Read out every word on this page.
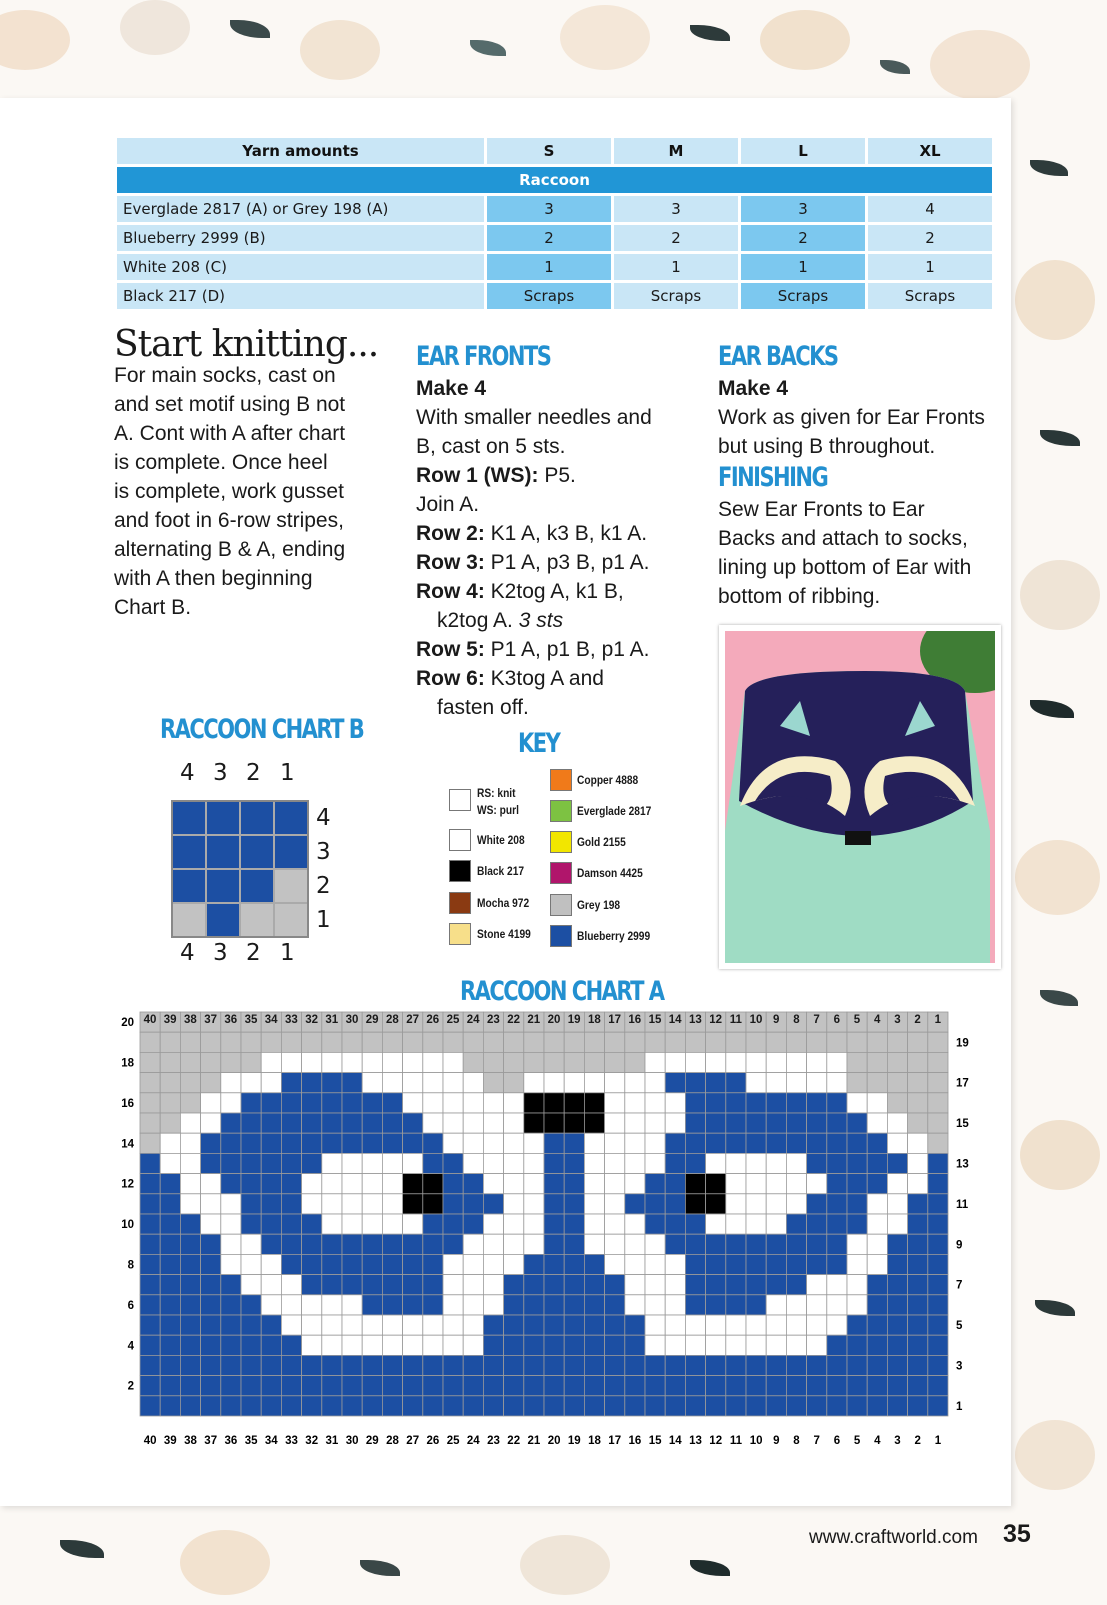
Yarn amounts	S	M	L	XL
Raccoon				
Everglade 2817 (A) or Grey 198 (A)	3	3	3	4
Blueberry 2999 (B)	2	2	2	2
White 208 (C)	1	1	1	1
Black 217 (D)	Scraps	Scraps	Scraps	Scraps
Start knitting...

For main socks, cast on

and set motif using B not

A. Cont with A after chart

is complete. Once heel

is complete, work gusset

and foot in 6-row stripes,

alternating B & A, ending

with A then beginning

Chart B.

EAR FRONTS

Make 4

With smaller needles and

B, cast on 5 sts.

Row 1 (WS): P5.

Join A.

Row 2: K1 A, k3 B, k1 A.

Row 3: P1 A, p3 B, p1 A.

Row 4: K2tog A, k1 B,

k2tog A. 3 sts

Row 5: P1 A, p1 B, p1 A.

Row 6: K3tog A and

fasten off.

EAR BACKS

Make 4

Work as given for Ear Fronts

but using B throughout.

FINISHING

Sew Ear Fronts to Ear

Backs and attach to socks,

lining up bottom of Ear with

bottom of ribbing.

RACCOON CHART B
4 3 2 1
4
3
2
1
4 3 2 1
KEY
RS: knit
WS: purl
White 208
Black 217
Mocha 972
Stone 4199
Copper 4888
Everglade 2817
Gold 2155
Damson 4425
Grey 198
Blueberry 2999
RACCOON CHART A
40 39 38 37 36 35 34 33 32 31 30 29 28 27 26 25 24 23 22 21 20 19 18 17 16 15 14 13 12 11 10 9 8 7 6 5 4 3 2 1
20
18
16
14
12
10
8
6
4
2
19
17
15
13
11
9
7
5
3
1
www.craftworld.com 35
40 39 38 37 36 35 34 33 32 31 30 29 28 27 26 25 24 23 22 21 20 19 18 17 16 15 14 13 12 11 10 9	8	7	6	5	4	3	2	1
